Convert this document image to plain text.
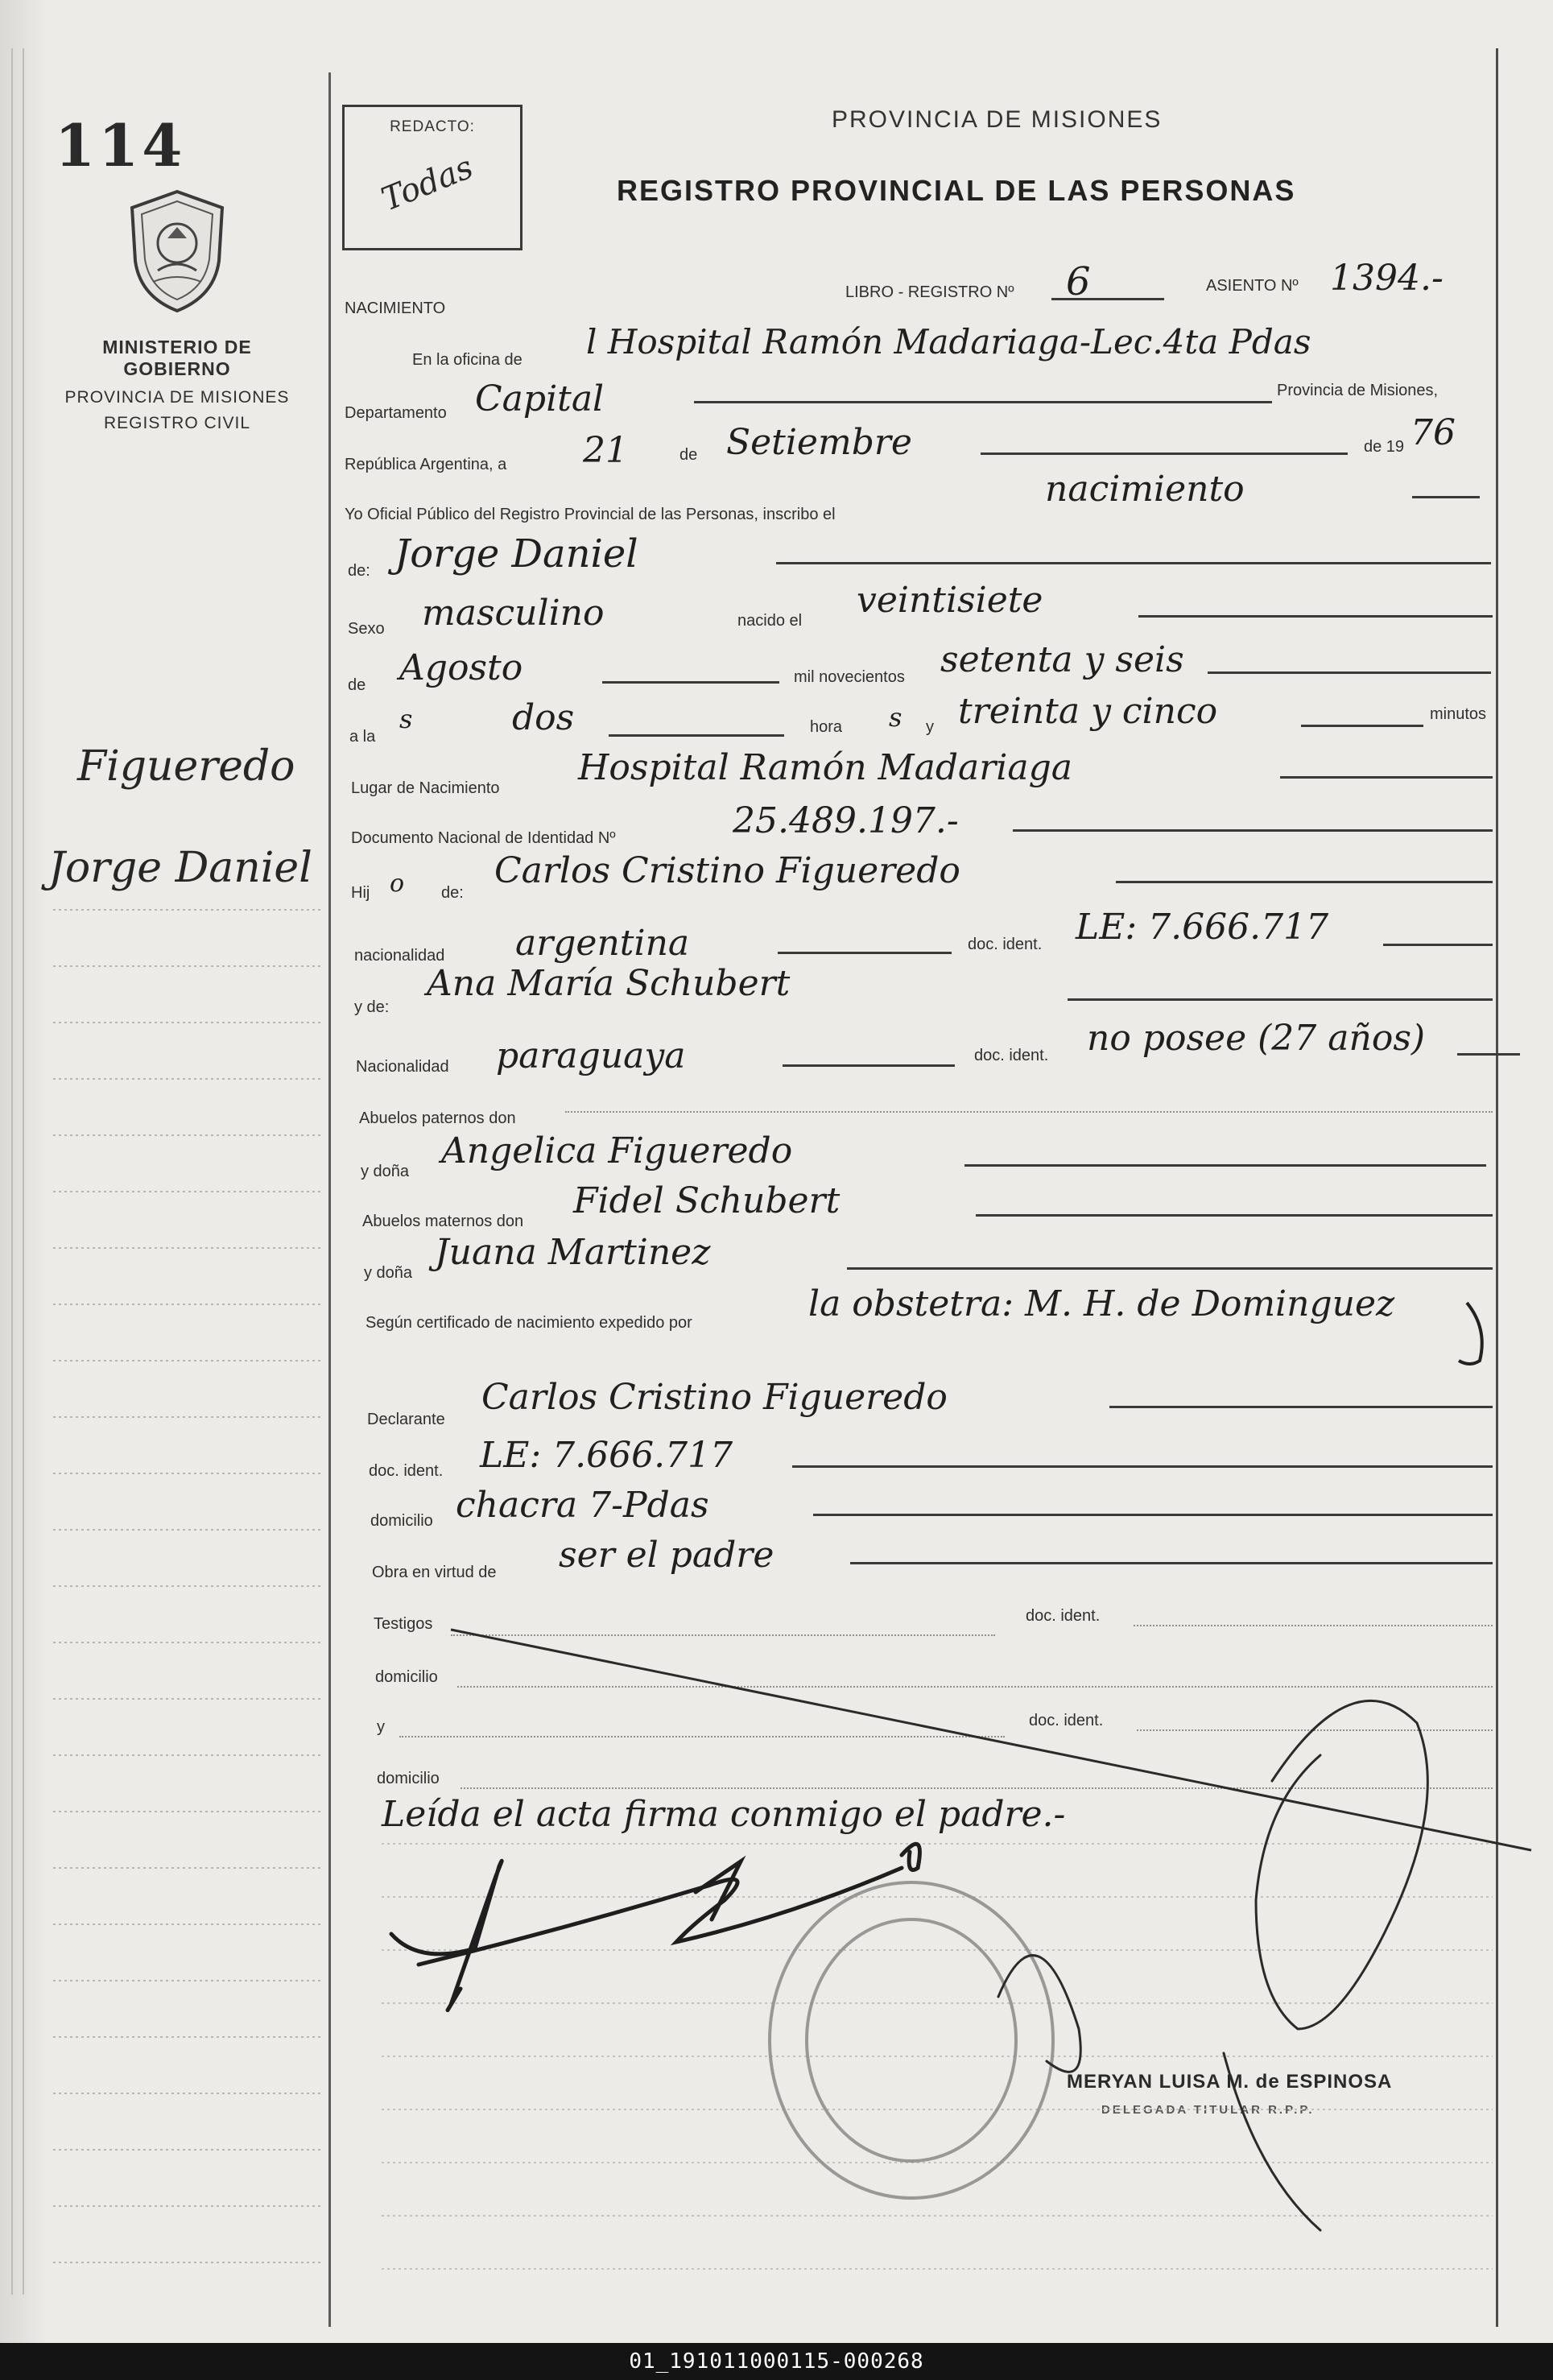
114
MINISTERIO DE GOBIERNO
PROVINCIA DE MISIONES
REGISTRO CIVIL
Figueredo
Jorge Daniel
REDACTO:
Todas
PROVINCIA DE MISIONES
REGISTRO PROVINCIAL DE LAS PERSONAS
NACIMIENTO
LIBRO - REGISTRO Nº 6	ASIENTO Nº 1394.-
En la oficina de l Hospital Ramón Madariaga-Lec.4ta Pdas
Departamento Capital	Provincia de Misiones,
República Argentina, a 21	de Setiembre	de 19 76
Yo Oficial Público del Registro Provincial de las Personas, inscribo el
nacimiento
de: Jorge Daniel
Sexo masculino	nacido el veintisiete
de Agosto	mil novecientos setenta y seis
a la
s	dos	hora s y treinta y cinco	minutos
Lugar de Nacimiento Hospital Ramón Madariaga
Documento Nacional de Identidad Nº	25.489.197.-
Hij o de:
Carlos Cristino Figueredo
nacionalidad argentina	doc. ident. LE: 7.666.717
y de:
Ana María Schubert
Nacionalidad paraguaya	doc. ident. no posee (27 años)
Abuelos paternos don
y doña Angelica Figueredo
Abuelos maternos don Fidel Schubert
y doña Juana Martinez
Según certificado de nacimiento expedido por	la obstetra: M. H. de Dominguez
Declarante
Carlos Cristino Figueredo
doc. ident. LE: 7.666.717
domicilio chacra 7-Pdas
Obra en virtud de ser el padre
Testigos	doc. ident.
domicilio
y	doc. ident.
domicilio
Leída el acta firma conmigo el padre.-
MERYAN LUISA M. de ESPINOSA
DELEGADA TITULAR R.P.P.
01_191011000115-000268
